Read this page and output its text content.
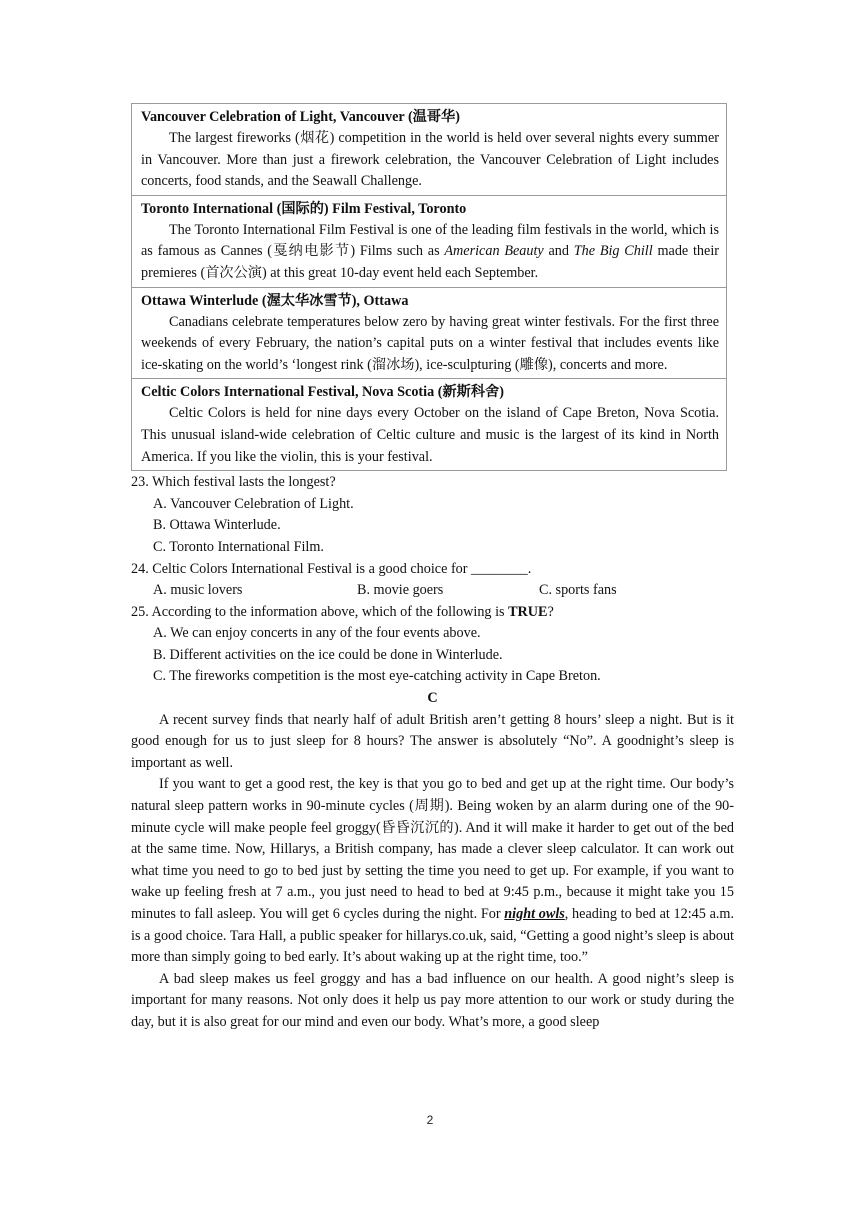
Vancouver Celebration of Light, Vancouver (温哥华)
The largest fireworks (烟花) competition in the world is held over several nights every summer in Vancouver. More than just a firework celebration, the Vancouver Celebration of Light includes concerts, food stands, and the Seawall Challenge.

Toronto International (国际的) Film Festival, Toronto
The Toronto International Film Festival is one of the leading film festivals in the world, which is as famous as Cannes (戛纳电影节) Films such as American Beauty and The Big Chill made their premieres (首次公演) at this great 10-day event held each September.

Ottawa Winterlude (渥太华冰雪节), Ottawa
Canadians celebrate temperatures below zero by having great winter festivals. For the first three weekends of every February, the nation’s capital puts on a winter festival that includes events like ice-skating on the world’s ‘longest rink (溜冰场), ice-sculpturing (雕像), concerts and more.

Celtic Colors International Festival, Nova Scotia (新斯科舍)
Celtic Colors is held for nine days every October on the island of Cape Breton, Nova Scotia. This unusual island-wide celebration of Celtic culture and music is the largest of its kind in North America. If you like the violin, this is your festival.
23. Which festival lasts the longest?
A. Vancouver Celebration of Light.
B. Ottawa Winterlude.
C. Toronto International Film.
24. Celtic Colors International Festival is a good choice for ________.
A. music lovers	B. movie goers	C. sports fans
25. According to the information above, which of the following is TRUE?
A. We can enjoy concerts in any of the four events above.
B. Different activities on the ice could be done in Winterlude.
C. The fireworks competition is the most eye-catching activity in Cape Breton.
C
A recent survey finds that nearly half of adult British aren’t getting 8 hours’ sleep a night. But is it good enough for us to just sleep for 8 hours? The answer is absolutely “No”. A goodnight’s sleep is important as well.
If you want to get a good rest, the key is that you go to bed and get up at the right time. Our body’s natural sleep pattern works in 90-minute cycles (周期). Being woken by an alarm during one of the 90-minute cycle will make people feel groggy(昏昏沉沉的). And it will make it harder to get out of the bed at the same time. Now, Hillarys, a British company, has made a clever sleep calculator. It can work out what time you need to go to bed just by setting the time you need to get up. For example, if you want to wake up feeling fresh at 7 a.m., you just need to head to bed at 9:45 p.m., because it might take you 15 minutes to fall asleep. You will get 6 cycles during the night. For night owls, heading to bed at 12:45 a.m. is a good choice. Tara Hall, a public speaker for hillarys.co.uk, said, “Getting a good night’s sleep is about more than simply going to bed early. It’s about waking up at the right time, too.”
A bad sleep makes us feel groggy and has a bad influence on our health. A good night’s sleep is important for many reasons. Not only does it help us pay more attention to our work or study during the day, but it is also great for our mind and even our body. What’s more, a good sleep
2
